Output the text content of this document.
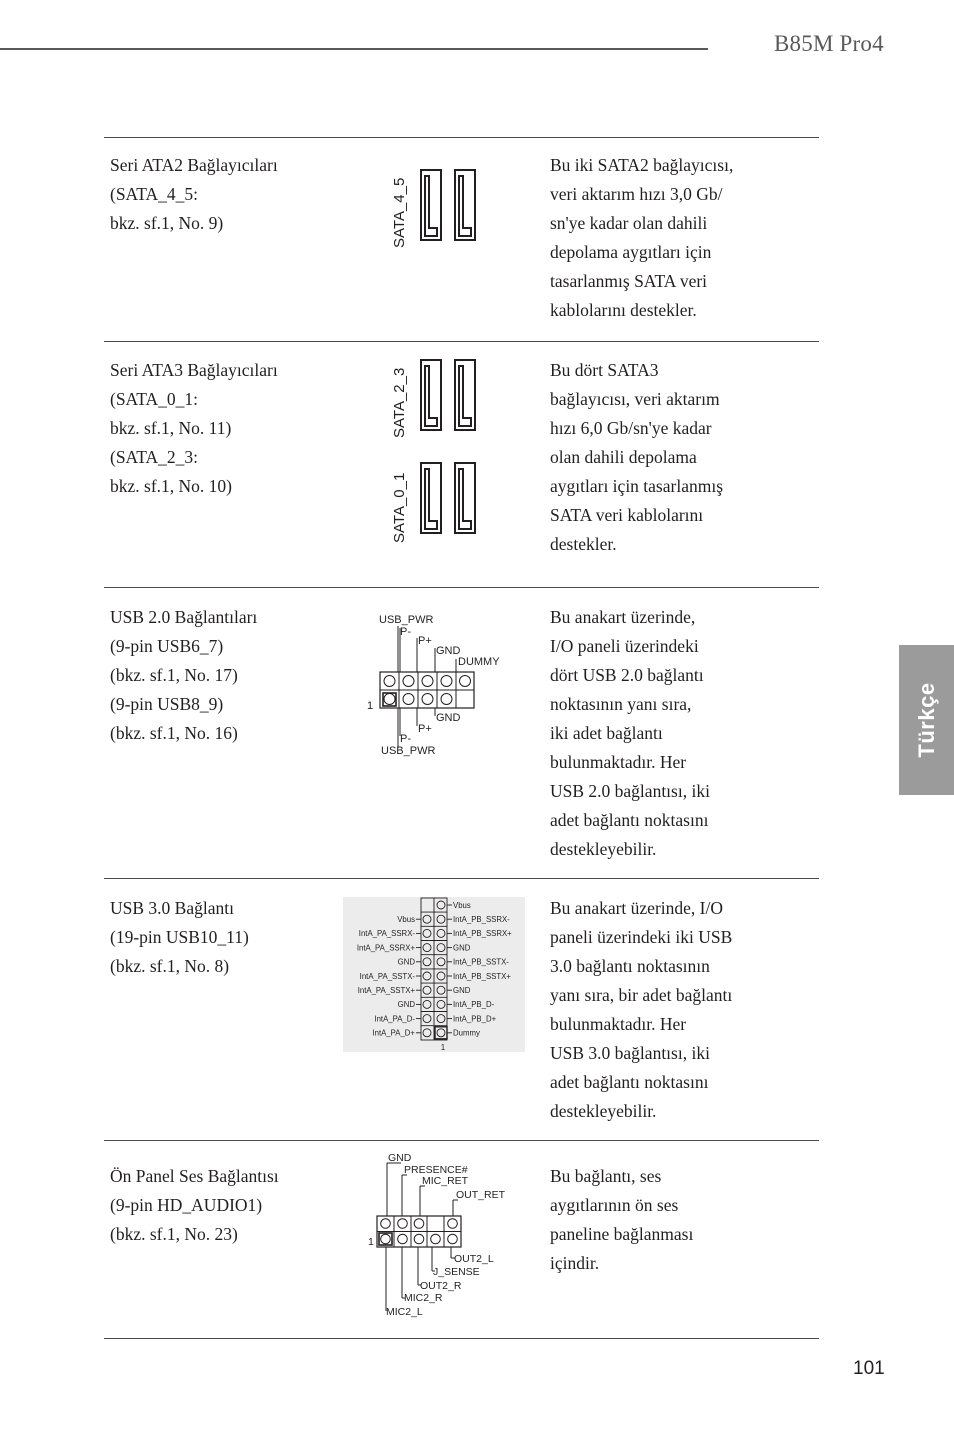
B85M Pro4
Türkçe
101
Seri ATA2 Bağlayıcıları
(SATA_4_5:
bkz. sf.1, No. 9)	SATA_4_5
Bu iki SATA2 bağlayıcısı,
veri aktarım hızı 3,0 Gb/
sn'ye kadar olan dahili
depolama aygıtları için
tasarlanmış SATA veri
kablolarını destekler.
Seri ATA3 Bağlayıcıları
(SATA_0_1:
bkz. sf.1, No. 11)
(SATA_2_3:
bkz. sf.1, No. 10)
SATA_2_3
SATA_0_1
Bu dört SATA3
bağlayıcısı, veri aktarım
hızı 6,0 Gb/sn'ye kadar
olan dahili depolama
aygıtları için tasarlanmış
SATA veri kablolarını
destekler.
USB 2.0 Bağlantıları
(9-pin USB6_7)
(bkz. sf.1, No. 17)
(9-pin USB8_9)
(bkz. sf.1, No. 16)
USB_PWR
P-
P+
GND
DUMMY
1
GND
P+
P-
USB_PWR
Bu anakart üzerinde,
I/O paneli üzerindeki
dört USB 2.0 bağlantı
noktasının yanı sıra,
iki adet bağlantı
bulunmaktadır. Her
USB 2.0 bağlantısı, iki
adet bağlantı noktasını
destekleyebilir.
USB 3.0 Bağlantı
(19-pin USB10_11)
(bkz. sf.1, No. 8)
Vbus
IntA_PA_SSRX-
IntA_PA_SSRX+
GND
IntA_PA_SSTX-
IntA_PA_SSTX+
GND
IntA_PA_D-
IntA_PA_D+
Vbus
IntA_PB_SSRX-
IntA_PB_SSRX+
GND
IntA_PB_SSTX-
IntA_PB_SSTX+
GND
IntA_PB_D-
IntA_PB_D+
Dummy
1
Bu anakart üzerinde, I/O
paneli üzerindeki iki USB
3.0 bağlantı noktasının
yanı sıra, bir adet bağlantı
bulunmaktadır. Her
USB 3.0 bağlantısı, iki
adet bağlantı noktasını
destekleyebilir.
Ön Panel Ses Bağlantısı
(9-pin HD_AUDIO1)
(bkz. sf.1, No. 23)
GND
PRESENCE#
MIC_RET
OUT_RET
1
OUT2_L
J_SENSE
OUT2_R
MIC2_R
MIC2_L
Bu bağlantı, ses
aygıtlarının ön ses
paneline bağlanması
içindir.
